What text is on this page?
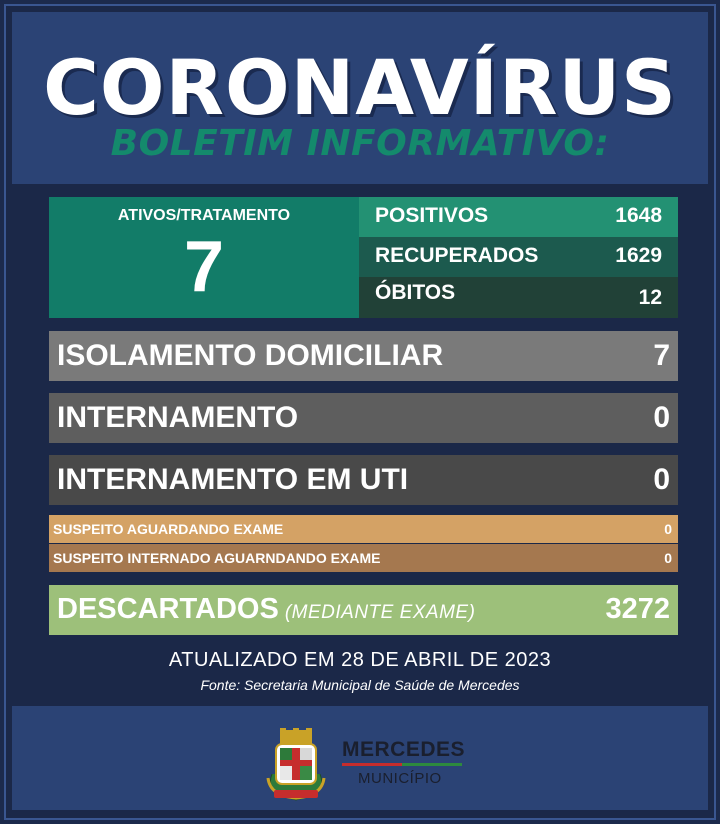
CORONAVÍRUS
BOLETIM INFORMATIVO:
ATIVOS/TRATAMENTO
7
POSITIVOS	1648
RECUPERADOS	1629
ÓBITOS	12
ISOLAMENTO DOMICILIAR	7
INTERNAMENTO	0
INTERNAMENTO EM UTI	0
SUSPEITO AGUARDANDO EXAME	0
SUSPEITO INTERNADO AGUARNDANDO EXAME	0
DESCARTADOS (MEDIANTE EXAME)	3272
ATUALIZADO EM 28 DE ABRIL DE 2023
Fonte: Secretaria Municipal de Saúde de Mercedes
MERCEDES
MUNICÍPIO
